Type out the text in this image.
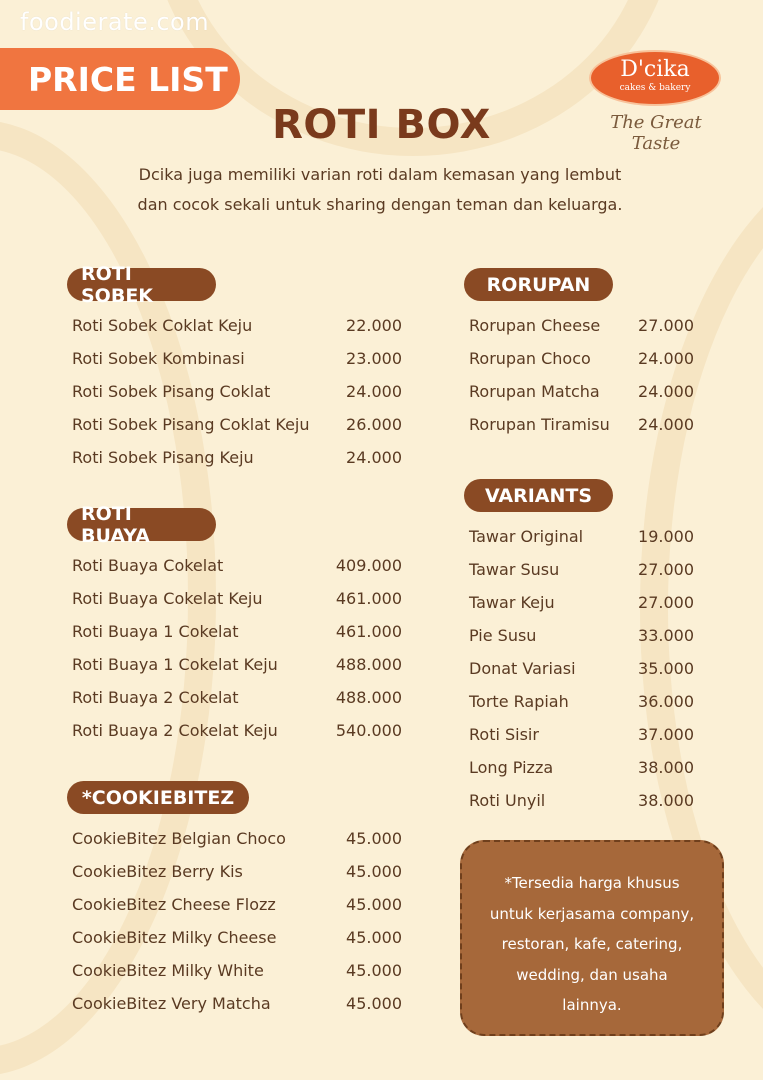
foodierate.com
PRICE LIST	D'cika
cakes & bakery
The Great Taste
ROTI BOX
Dcika juga memiliki varian roti dalam kemasan yang lembut
dan cocok sekali untuk sharing dengan teman dan keluarga.
ROTI SOBEK
Roti Sobek Coklat Keju	22.000
Roti Sobek Kombinasi	23.000
Roti Sobek Pisang Coklat	24.000
Roti Sobek Pisang Coklat Keju 26.000
Roti Sobek Pisang Keju	24.000
ROTI BUAYA
Roti Buaya Cokelat	409.000
Roti Buaya Cokelat Keju	461.000
Roti Buaya 1 Cokelat	461.000
Roti Buaya 1 Cokelat Keju	488.000
Roti Buaya 2 Cokelat	488.000
Roti Buaya 2 Cokelat Keju	540.000
*COOKIEBITEZ
CookieBitez Belgian Choco	45.000
CookieBitez Berry Kis	45.000
CookieBitez Cheese Flozz	45.000
CookieBitez Milky Cheese	45.000
CookieBitez Milky White	45.000
CookieBitez Very Matcha	45.000
RORUPAN
Rorupan Cheese 27.000
Rorupan Choco	24.000
Rorupan Matcha 24.000
Rorupan Tiramisu 24.000
VARIANTS
Tawar Original	19.000
Tawar Susu	27.000
Tawar Keju	27.000
Pie Susu	33.000
Donat Variasi	35.000
Torte Rapiah	36.000
Roti Sisir	37.000
Long Pizza	38.000
Roti Unyil	38.000
*Tersedia harga khusus
untuk kerjasama company,
restoran, kafe, catering,
wedding, dan usaha
lainnya.
